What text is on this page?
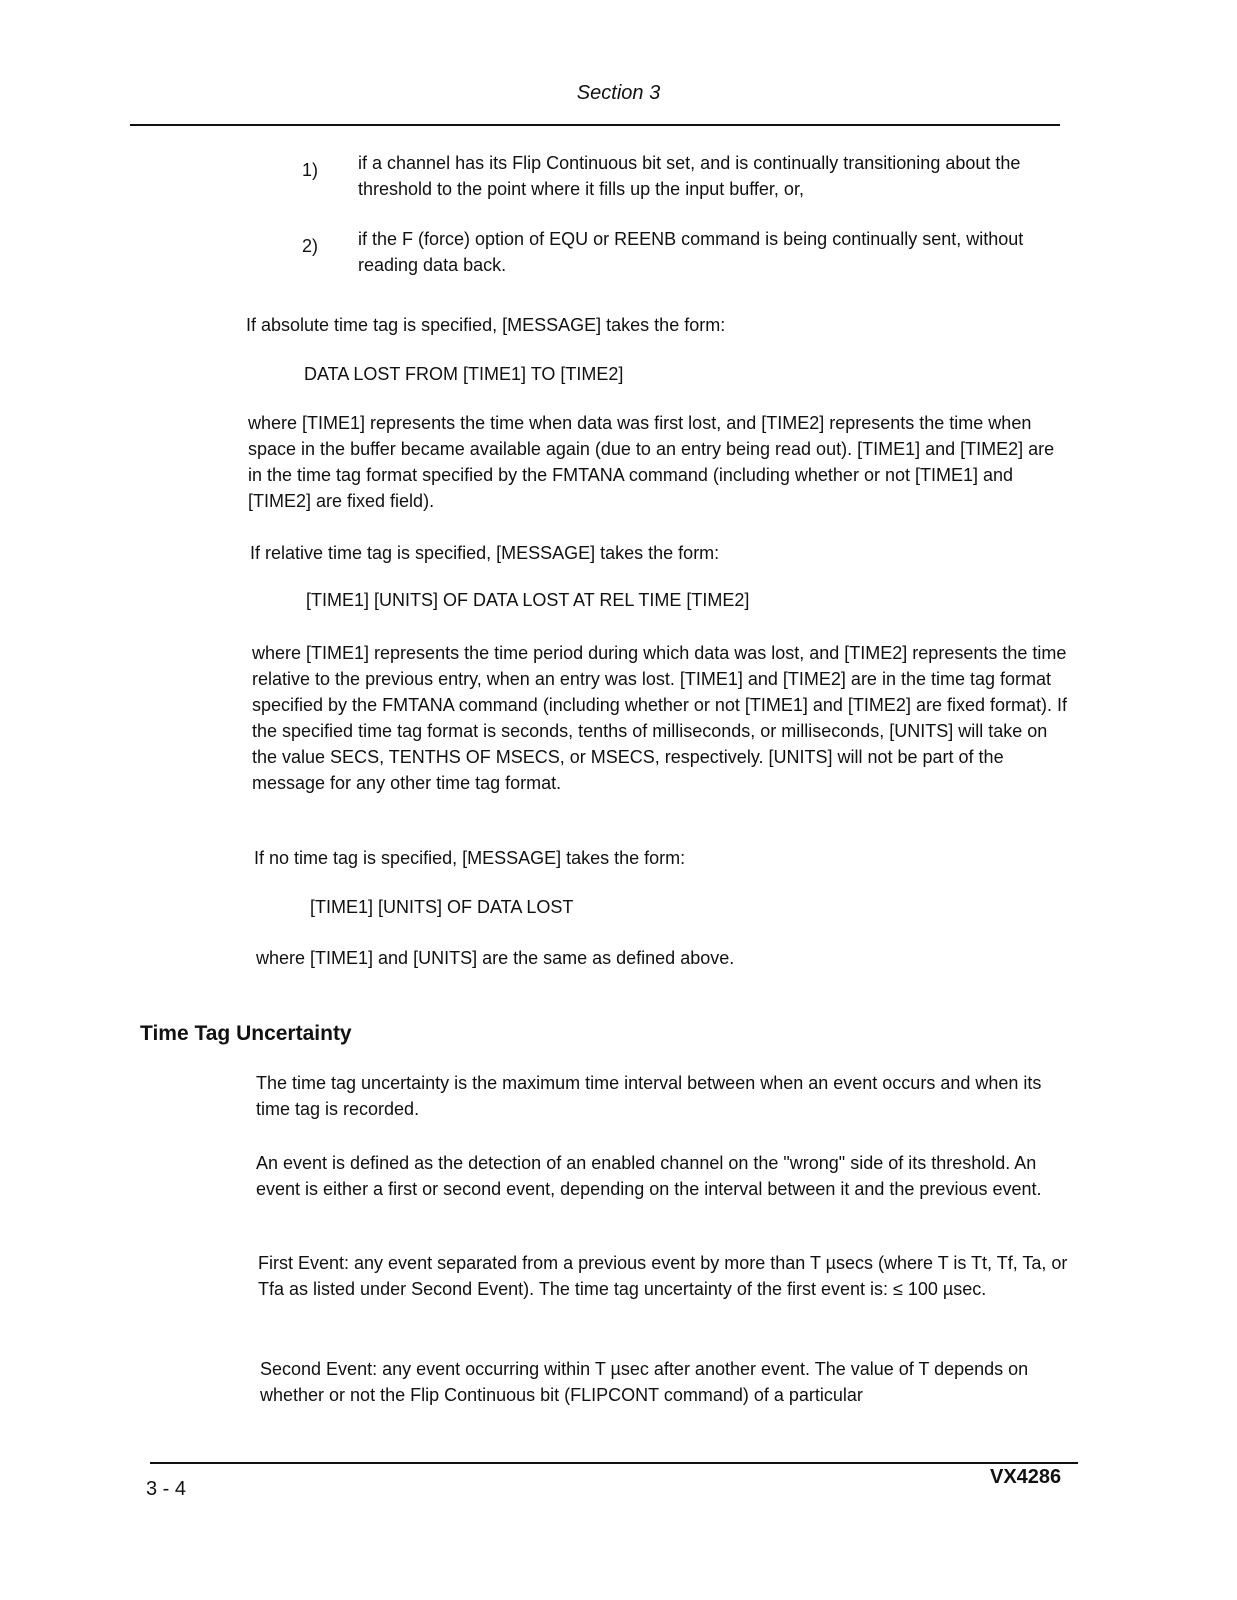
Section 3
1) if a channel has its Flip Continuous bit set, and is continually transitioning about the threshold to the point where it fills up the input buffer, or,

2) if the F (force) option of EQU or REENB command is being continually sent, without reading data back.

If absolute time tag is specified, [MESSAGE] takes the form:

DATA LOST FROM [TIME1] TO [TIME2]

where [TIME1] represents the time when data was first lost, and [TIME2] represents the time when space in the buffer became available again (due to an entry being read out). [TIME1] and [TIME2] are in the time tag format specified by the FMTANA command (including whether or not [TIME1] and [TIME2] are fixed field).

If relative time tag is specified, [MESSAGE] takes the form:

[TIME1] [UNITS] OF DATA LOST AT REL TIME [TIME2]

where [TIME1] represents the time period during which data was lost, and [TIME2] represents the time relative to the previous entry, when an entry was lost. [TIME1] and [TIME2] are in the time tag format specified by the FMTANA command (including whether or not [TIME1] and [TIME2] are fixed format). If the specified time tag format is seconds, tenths of milliseconds, or milliseconds, [UNITS] will take on the value SECS, TENTHS OF MSECS, or MSECS, respectively. [UNITS] will not be part of the message for any other time tag format.

If no time tag is specified, [MESSAGE] takes the form:

[TIME1] [UNITS] OF DATA LOST

where [TIME1] and [UNITS] are the same as defined above.

Time Tag Uncertainty

The time tag uncertainty is the maximum time interval between when an event occurs and when its time tag is recorded.

An event is defined as the detection of an enabled channel on the "wrong" side of its threshold. An event is either a first or second event, depending on the interval between it and the previous event.

First Event: any event separated from a previous event by more than T µsecs (where T is Tt, Tf, Ta, or Tfa as listed under Second Event). The time tag uncertainty of the first event is: ≤ 100 µsec.

Second Event: any event occurring within T µsec after another event. The value of T depends on whether or not the Flip Continuous bit (FLIPCONT command) of a particular

3 - 4
VX4286
